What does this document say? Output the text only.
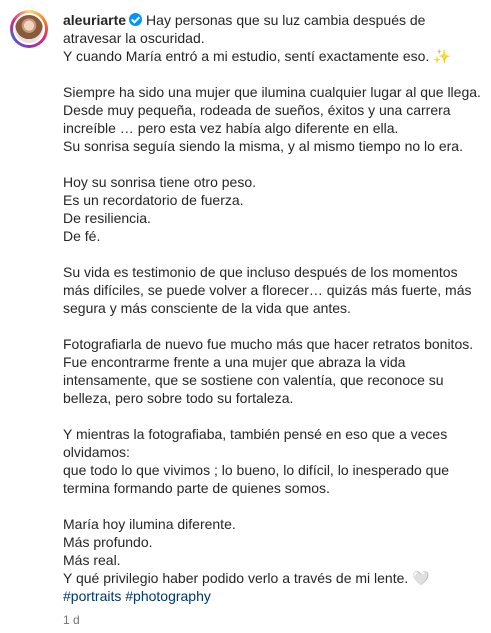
aleuriarte Hay personas que su luz cambia después de atravesar la oscuridad.
Y cuando María entró a mi estudio, sentí exactamente eso. ✨
Siempre ha sido una mujer que ilumina cualquier lugar al que llega.
Desde muy pequeña, rodeada de sueños, éxitos y una carrera increíble … pero esta vez había algo diferente en ella.
Su sonrisa seguía siendo la misma, y al mismo tiempo no lo era.
Hoy su sonrisa tiene otro peso.
Es un recordatorio de fuerza.
De resiliencia.
De fé.
Su vida es testimonio de que incluso después de los momentos más difíciles, se puede volver a florecer… quizás más fuerte, más segura y más consciente de la vida que antes.
Fotografiarla de nuevo fue mucho más que hacer retratos bonitos. Fue encontrarme frente a una mujer que abraza la vida intensamente, que se sostiene con valentía, que reconoce su belleza, pero sobre todo su fortaleza.
Y mientras la fotografiaba, también pensé en eso que a veces olvidamos:
que todo lo que vivimos ; lo bueno, lo difícil, lo inesperado que termina formando parte de quienes somos.
María hoy ilumina diferente.
Más profundo.
Más real.
Y qué privilegio haber podido verlo a través de mi lente. 🤍
#portraits #photography
1 d
